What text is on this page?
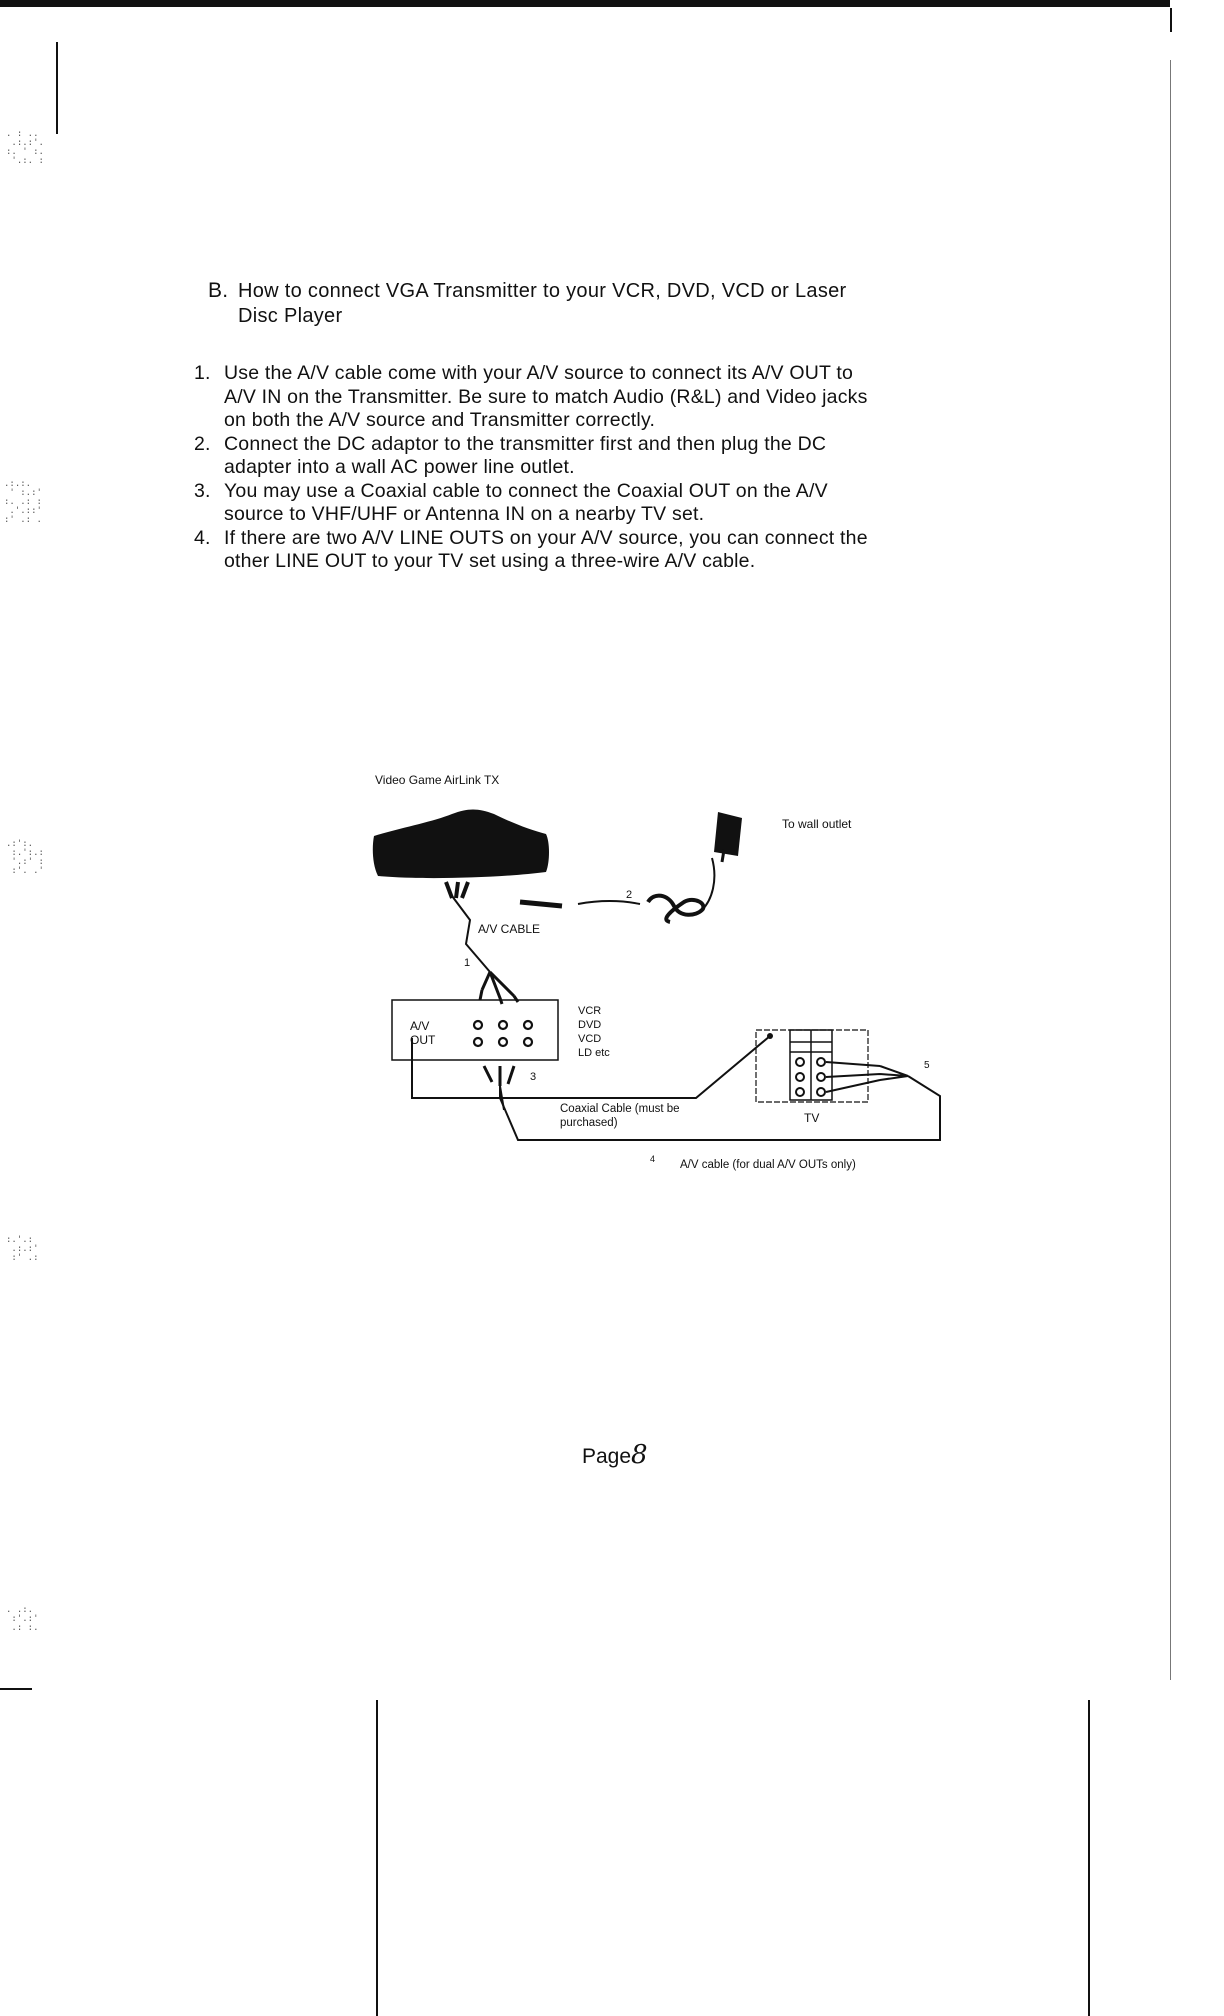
. : ..
.:.:'.
:. ' :.
'.:. :
.:.:.
' :.:'
:. .: :
.'.::'
:' .: .
.:':.
:.':.:
'.:' :
:'. .'
:.'.:
.:.:'
:' .:
. .:.
:'.:'
.: :.
B. How to connect VGA Transmitter to your VCR, DVD, VCD or Laser
Disc Player
1. Use the A/V cable come with your A/V source to connect its A/V OUT to
A/V IN on the Transmitter. Be sure to match Audio (R&L) and Video jacks
on both the A/V source and Transmitter correctly.
2. Connect the DC adaptor to the transmitter first and then plug the DC
adapter into a wall AC power line outlet.
3. You may use a Coaxial cable to connect the Coaxial OUT on the A/V
source to VHF/UHF or Antenna IN on a nearby TV set.
4. If there are two A/V LINE OUTS on your A/V source, you can connect the
other LINE OUT to your TV set using a three-wire A/V cable.
Video Game AirLink TX
A/V CABLE
1
2
To wall outlet
A/V
OUT
VCR
DVD
VCD
LD etc
3
Coaxial Cable (must be
purchased)
4 A/V cable (for dual A/V OUTs only)
TV
5
Page8
